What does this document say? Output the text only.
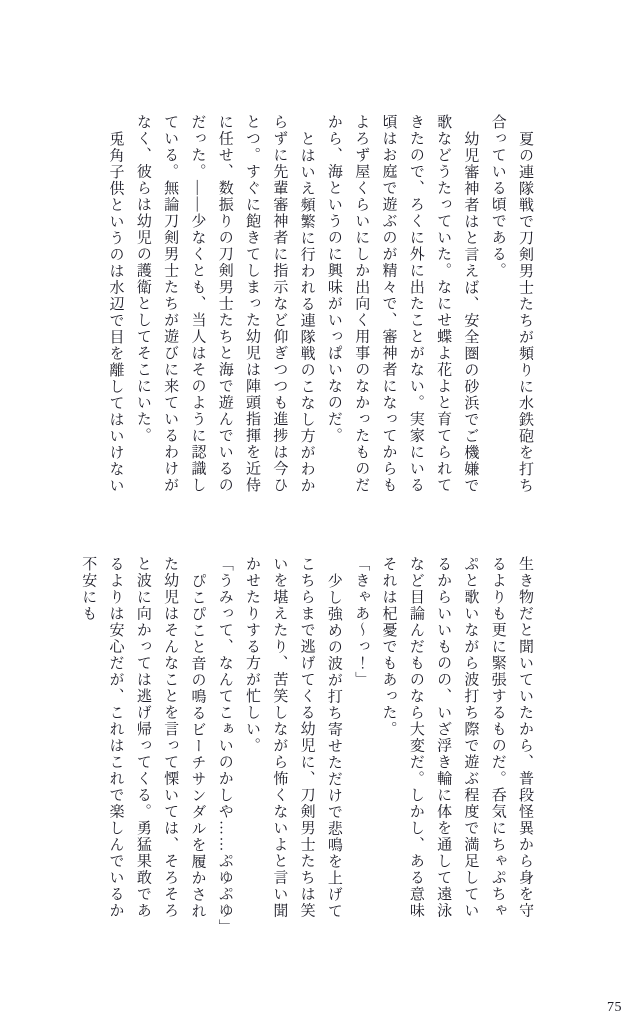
夏の連隊戦で刀剣男士たちが頻りに水鉄砲を打ち合っている頃である。

幼児審神者はと言えば、安全圏の砂浜でご機嫌で歌などうたっていた。なにせ蝶よ花よと育てられてきたので、ろくに外に出たことがない。実家にいる頃はお庭で遊ぶのが精々で、審神者になってからもよろず屋くらいにしか出向く用事のなかったものだから、海というのに興味がいっぱいなのだ。

とはいえ頻繁に行われる連隊戦のこなし方がわからずに先輩審神者に指示など仰ぎつつも進捗は今ひとつ。すぐに飽きてしまった幼児は陣頭指揮を近侍に任せ、数振りの刀剣男士たちと海で遊んでいるのだった。――少なくとも、当人はそのように認識している。無論刀剣男士たちが遊びに来ているわけがなく、彼らは幼児の護衛としてそこにいた。

兎角子供というのは水辺で目を離してはいけない

生き物だと聞いていたから、普段怪異から身を守るよりも更に緊張するものだ。呑気にちゃぷちゃぷと歌いながら波打ち際で遊ぶ程度で満足しているからいいものの、いざ浮き輪に体を通して遠泳など目論んだものなら大変だ。しかし、ある意味それは杞憂でもあった。

「きゃあ〜っ！」

少し強めの波が打ち寄せただけで悲鳴を上げてこちらまで逃げてくる幼児に、刀剣男士たちは笑いを堪えたり、苦笑しながら怖くないよと言い聞かせたりする方が忙しい。

「うみって、なんてこぁいのかしや……ぷゆぷゆ」

ぴこぴこと音の鳴るビーチサンダルを履かされた幼児はそんなことを言って慄いては、そろそろと波に向かっては逃げ帰ってくる。勇猛果敢であるよりは安心だが、これはこれで楽しんでいるか不安にも

75
